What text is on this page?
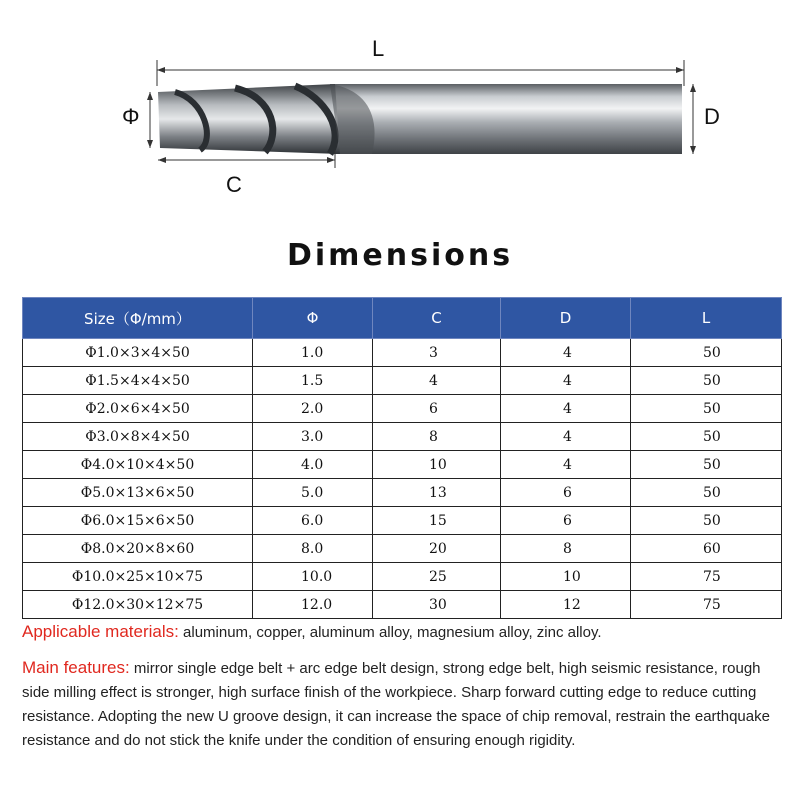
L
Φ	D
C
Dimensions
Size（Φ/mm）	Φ	C	D	L
Φ1.0×3×4×50	1.0	3	4	50
Φ1.5×4×4×50	1.5	4	4	50
Φ2.0×6×4×50	2.0	6	4	50
Φ3.0×8×4×50	3.0	8	4	50
Φ4.0×10×4×50	4.0	10	4	50
Φ5.0×13×6×50	5.0	13	6	50
Φ6.0×15×6×50	6.0	15	6	50
Φ8.0×20×8×60	8.0	20	8	60
Φ10.0×25×10×75	10.0	25	10	75
Φ12.0×30×12×75	12.0	30	12	75
Applicable materials: aluminum, copper, aluminum alloy, magnesium alloy, zinc alloy.
Main features: mirror single edge belt + arc edge belt design, strong edge belt, high seismic resistance, rough side milling effect is stronger, high surface finish of the workpiece. Sharp forward cutting edge to reduce cutting resistance. Adopting the new U groove design, it can increase the space of chip removal, restrain the earthquake resistance and do not stick the knife under the condition of ensuring enough rigidity.
